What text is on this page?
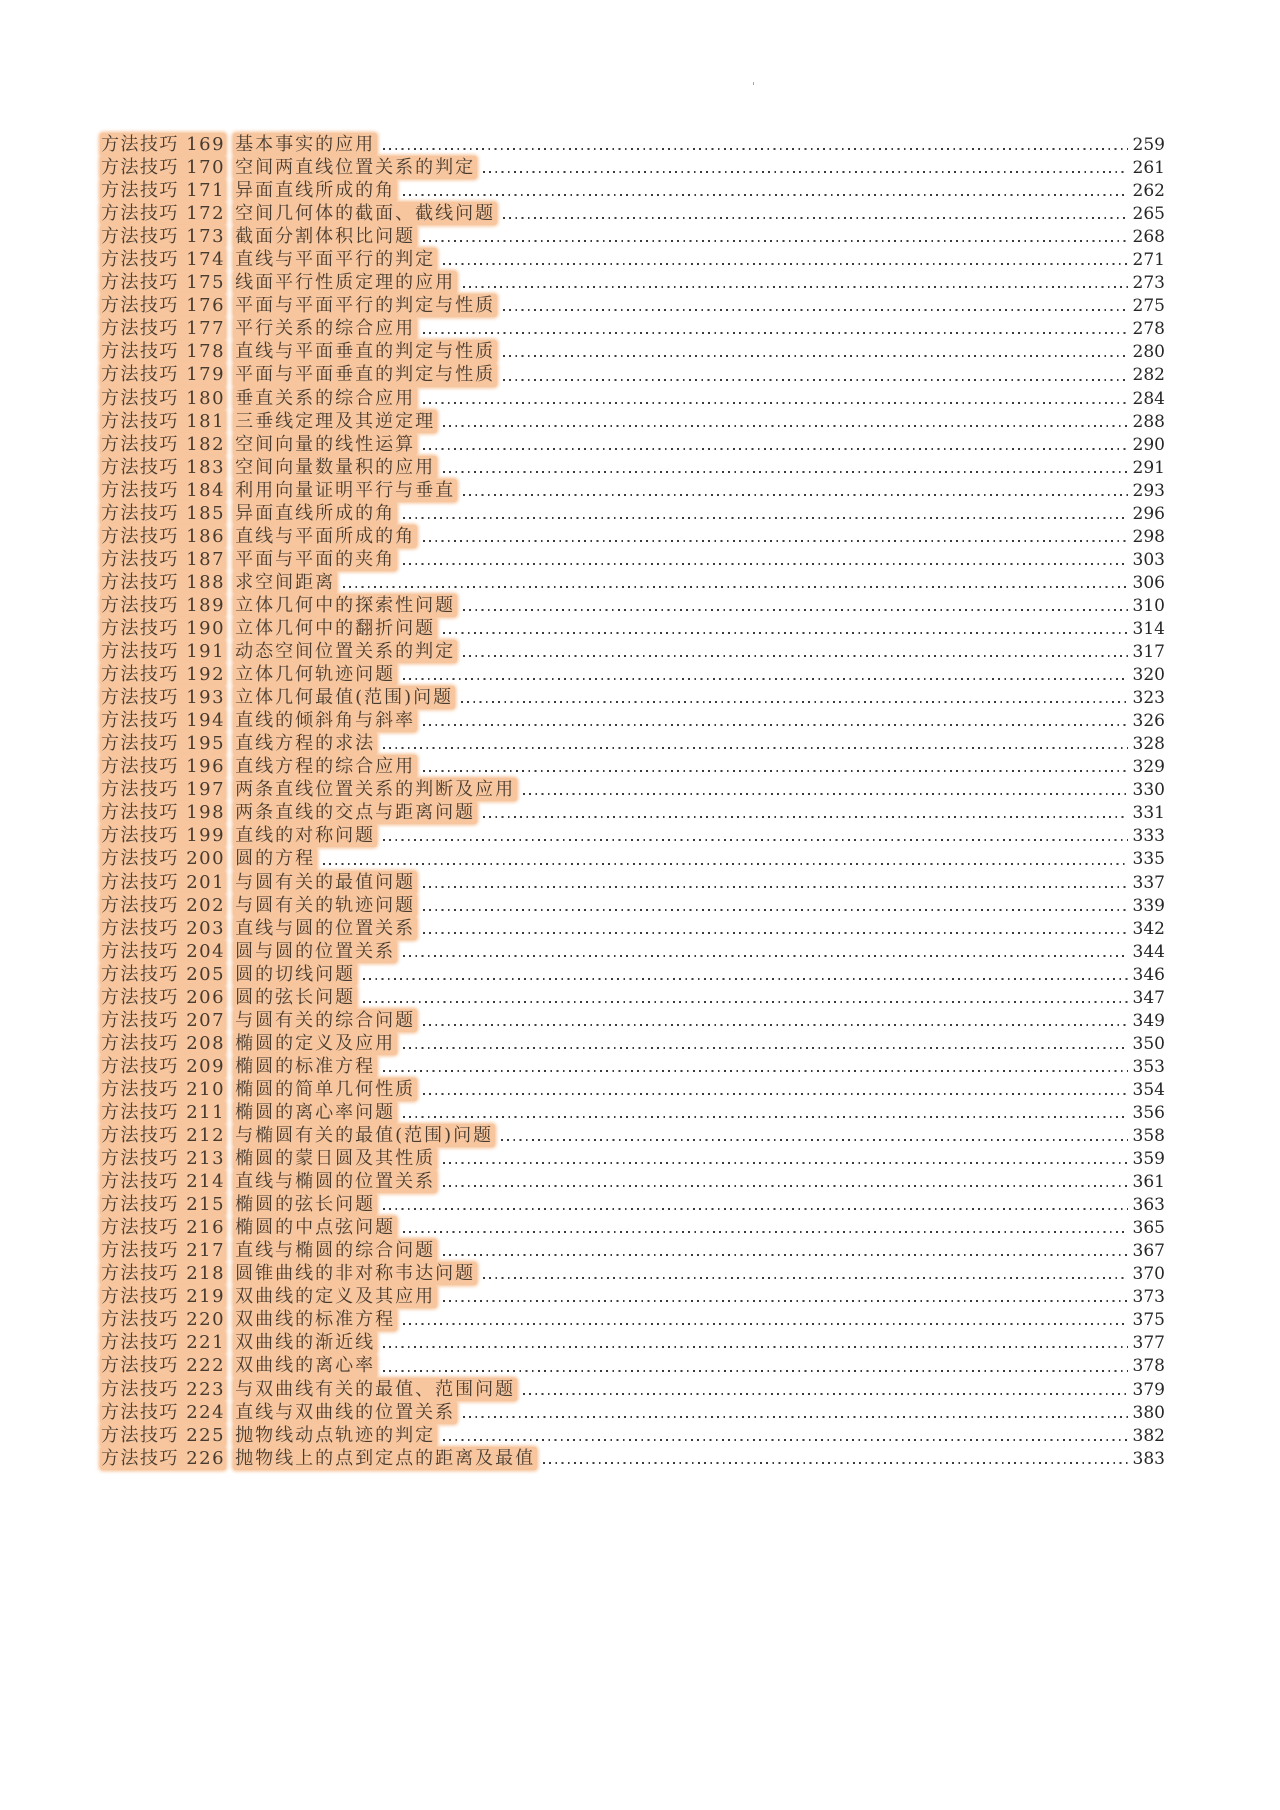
'
方法技巧 169 基本事实的应用	259
方法技巧 170 空间两直线位置关系的判定	261
方法技巧 171 异面直线所成的角	262
方法技巧 172 空间几何体的截面、截线问题	265
方法技巧 173 截面分割体积比问题	268
方法技巧 174 直线与平面平行的判定	271
方法技巧 175 线面平行性质定理的应用	273
方法技巧 176 平面与平面平行的判定与性质	275
方法技巧 177 平行关系的综合应用	278
方法技巧 178 直线与平面垂直的判定与性质	280
方法技巧 179 平面与平面垂直的判定与性质	282
方法技巧 180 垂直关系的综合应用	284
方法技巧 181 三垂线定理及其逆定理	288
方法技巧 182 空间向量的线性运算	290
方法技巧 183 空间向量数量积的应用	291
方法技巧 184 利用向量证明平行与垂直	293
方法技巧 185 异面直线所成的角	296
方法技巧 186 直线与平面所成的角	298
方法技巧 187 平面与平面的夹角	303
方法技巧 188 求空间距离	306
方法技巧 189 立体几何中的探索性问题	310
方法技巧 190 立体几何中的翻折问题	314
方法技巧 191 动态空间位置关系的判定	317
方法技巧 192 立体几何轨迹问题	320
方法技巧 193 立体几何最值(范围)问题	323
方法技巧 194 直线的倾斜角与斜率	326
方法技巧 195 直线方程的求法	328
方法技巧 196 直线方程的综合应用	329
方法技巧 197 两条直线位置关系的判断及应用	330
方法技巧 198 两条直线的交点与距离问题	331
方法技巧 199 直线的对称问题	333
方法技巧 200 圆的方程	335
方法技巧 201 与圆有关的最值问题	337
方法技巧 202 与圆有关的轨迹问题	339
方法技巧 203 直线与圆的位置关系	342
方法技巧 204 圆与圆的位置关系	344
方法技巧 205 圆的切线问题	346
方法技巧 206 圆的弦长问题	347
方法技巧 207 与圆有关的综合问题	349
方法技巧 208 椭圆的定义及应用	350
方法技巧 209 椭圆的标准方程	353
方法技巧 210 椭圆的简单几何性质	354
方法技巧 211 椭圆的离心率问题	356
方法技巧 212 与椭圆有关的最值(范围)问题	358
方法技巧 213 椭圆的蒙日圆及其性质	359
方法技巧 214 直线与椭圆的位置关系	361
方法技巧 215 椭圆的弦长问题	363
方法技巧 216 椭圆的中点弦问题	365
方法技巧 217 直线与椭圆的综合问题	367
方法技巧 218 圆锥曲线的非对称韦达问题	370
方法技巧 219 双曲线的定义及其应用	373
方法技巧 220 双曲线的标准方程	375
方法技巧 221 双曲线的渐近线	377
方法技巧 222 双曲线的离心率	378
方法技巧 223 与双曲线有关的最值、范围问题	379
方法技巧 224 直线与双曲线的位置关系	380
方法技巧 225 抛物线动点轨迹的判定	382
方法技巧 226 抛物线上的点到定点的距离及最值	383
